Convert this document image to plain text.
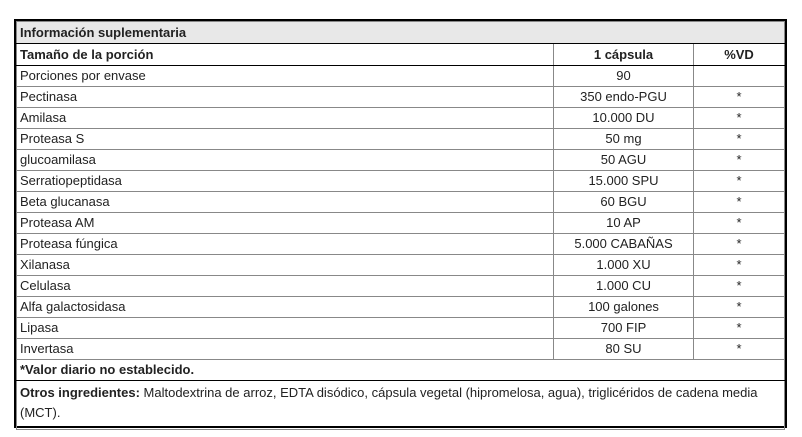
Información suplementaria		
Tamaño de la porción	1 cápsula	%VD
Porciones por envase	90	
Pectinasa	350 endo-PGU	*
Amilasa	10.000 DU	*
Proteasa S	50 mg	*
glucoamilasa	50 AGU	*
Serratiopeptidasa	15.000 SPU	*
Beta glucanasa	60 BGU	*
Proteasa AM	10 AP	*
Proteasa fúngica	5.000 CABAÑAS	*
Xilanasa	1.000 XU	*
Celulasa	1.000 CU	*
Alfa galactosidasa	100 galones	*
Lipasa	700 FIP	*
Invertasa	80 SU	*
*Valor diario no establecido.		
Otros ingredientes: Maltodextrina de arroz, EDTA disódico, cápsula vegetal (hipromelosa, agua), triglicéridos de cadena media (MCT).		
